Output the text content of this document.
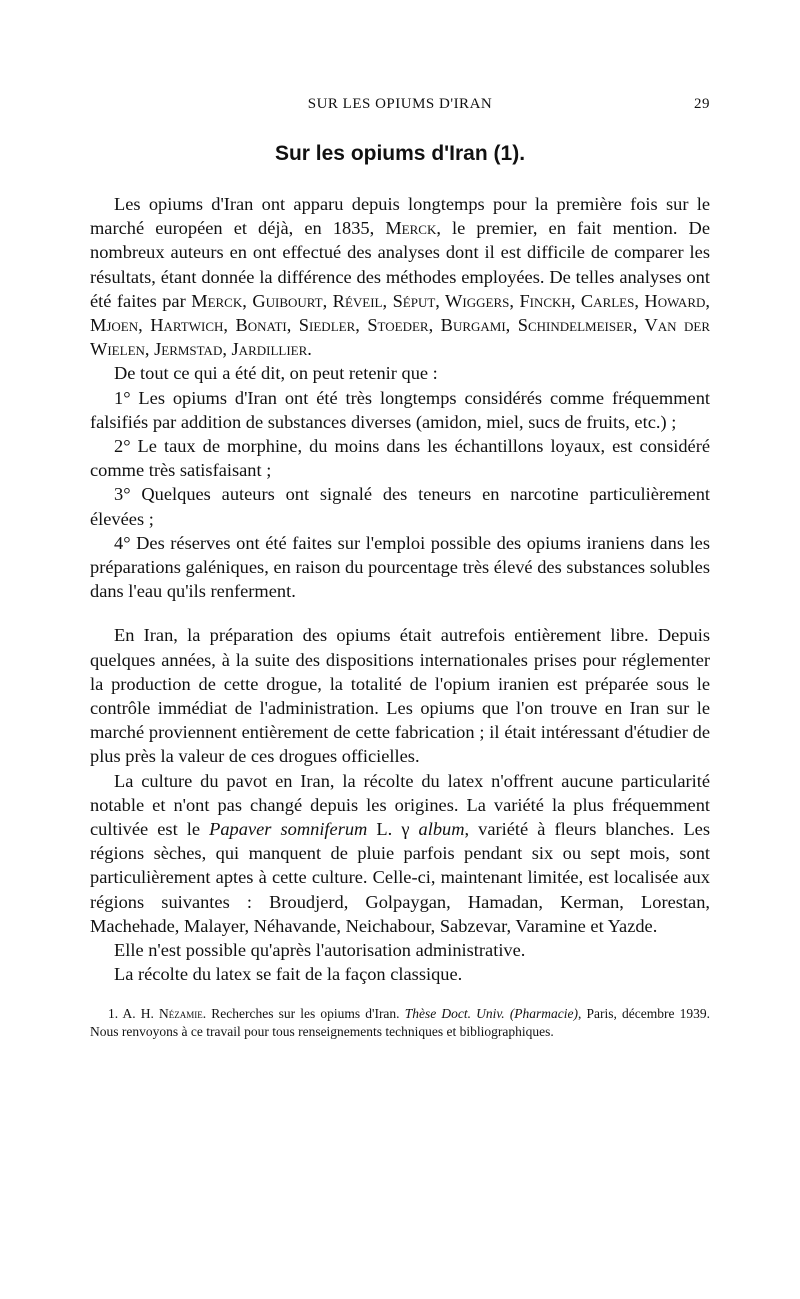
SUR LES OPIUMS D'IRAN	29
Sur les opiums d'Iran (1).

Les opiums d'Iran ont apparu depuis longtemps pour la première fois sur le marché européen et déjà, en 1835, Merck, le premier, en fait mention. De nombreux auteurs en ont effectué des analyses dont il est difficile de comparer les résultats, étant donnée la différence des méthodes employées. De telles analyses ont été faites par Merck, Guibourt, Réveil, Séput, Wiggers, Finckh, Carles, Howard, Mjoen, Hartwich, Bonati, Siedler, Stoeder, Burgami, Schindelmeiser, Van der Wielen, Jermstad, Jardillier.

De tout ce qui a été dit, on peut retenir que :

1° Les opiums d'Iran ont été très longtemps considérés comme fréquemment falsifiés par addition de substances diverses (amidon, miel, sucs de fruits, etc.) ;

2° Le taux de morphine, du moins dans les échantillons loyaux, est considéré comme très satisfaisant ;

3° Quelques auteurs ont signalé des teneurs en narcotine particulièrement élevées ;

4° Des réserves ont été faites sur l'emploi possible des opiums iraniens dans les préparations galéniques, en raison du pourcentage très élevé des substances solubles dans l'eau qu'ils renferment.

En Iran, la préparation des opiums était autrefois entièrement libre. Depuis quelques années, à la suite des dispositions internationales prises pour réglementer la production de cette drogue, la totalité de l'opium iranien est préparée sous le contrôle immédiat de l'administration. Les opiums que l'on trouve en Iran sur le marché proviennent entièrement de cette fabrication ; il était intéressant d'étudier de plus près la valeur de ces drogues officielles.

La culture du pavot en Iran, la récolte du latex n'offrent aucune particularité notable et n'ont pas changé depuis les origines. La variété la plus fréquemment cultivée est le Papaver somniferum L. γ album, variété à fleurs blanches. Les régions sèches, qui manquent de pluie parfois pendant six ou sept mois, sont particulièrement aptes à cette culture. Celle-ci, maintenant limitée, est localisée aux régions suivantes : Broudjerd, Golpaygan, Hamadan, Kerman, Lorestan, Machehade, Malayer, Néhavande, Neichabour, Sabzevar, Varamine et Yazde.

Elle n'est possible qu'après l'autorisation administrative.

La récolte du latex se fait de la façon classique.

1. A. H. Nézamie. Recherches sur les opiums d'Iran. Thèse Doct. Univ. (Pharmacie), Paris, décembre 1939. Nous renvoyons à ce travail pour tous renseignements techniques et bibliographiques.
